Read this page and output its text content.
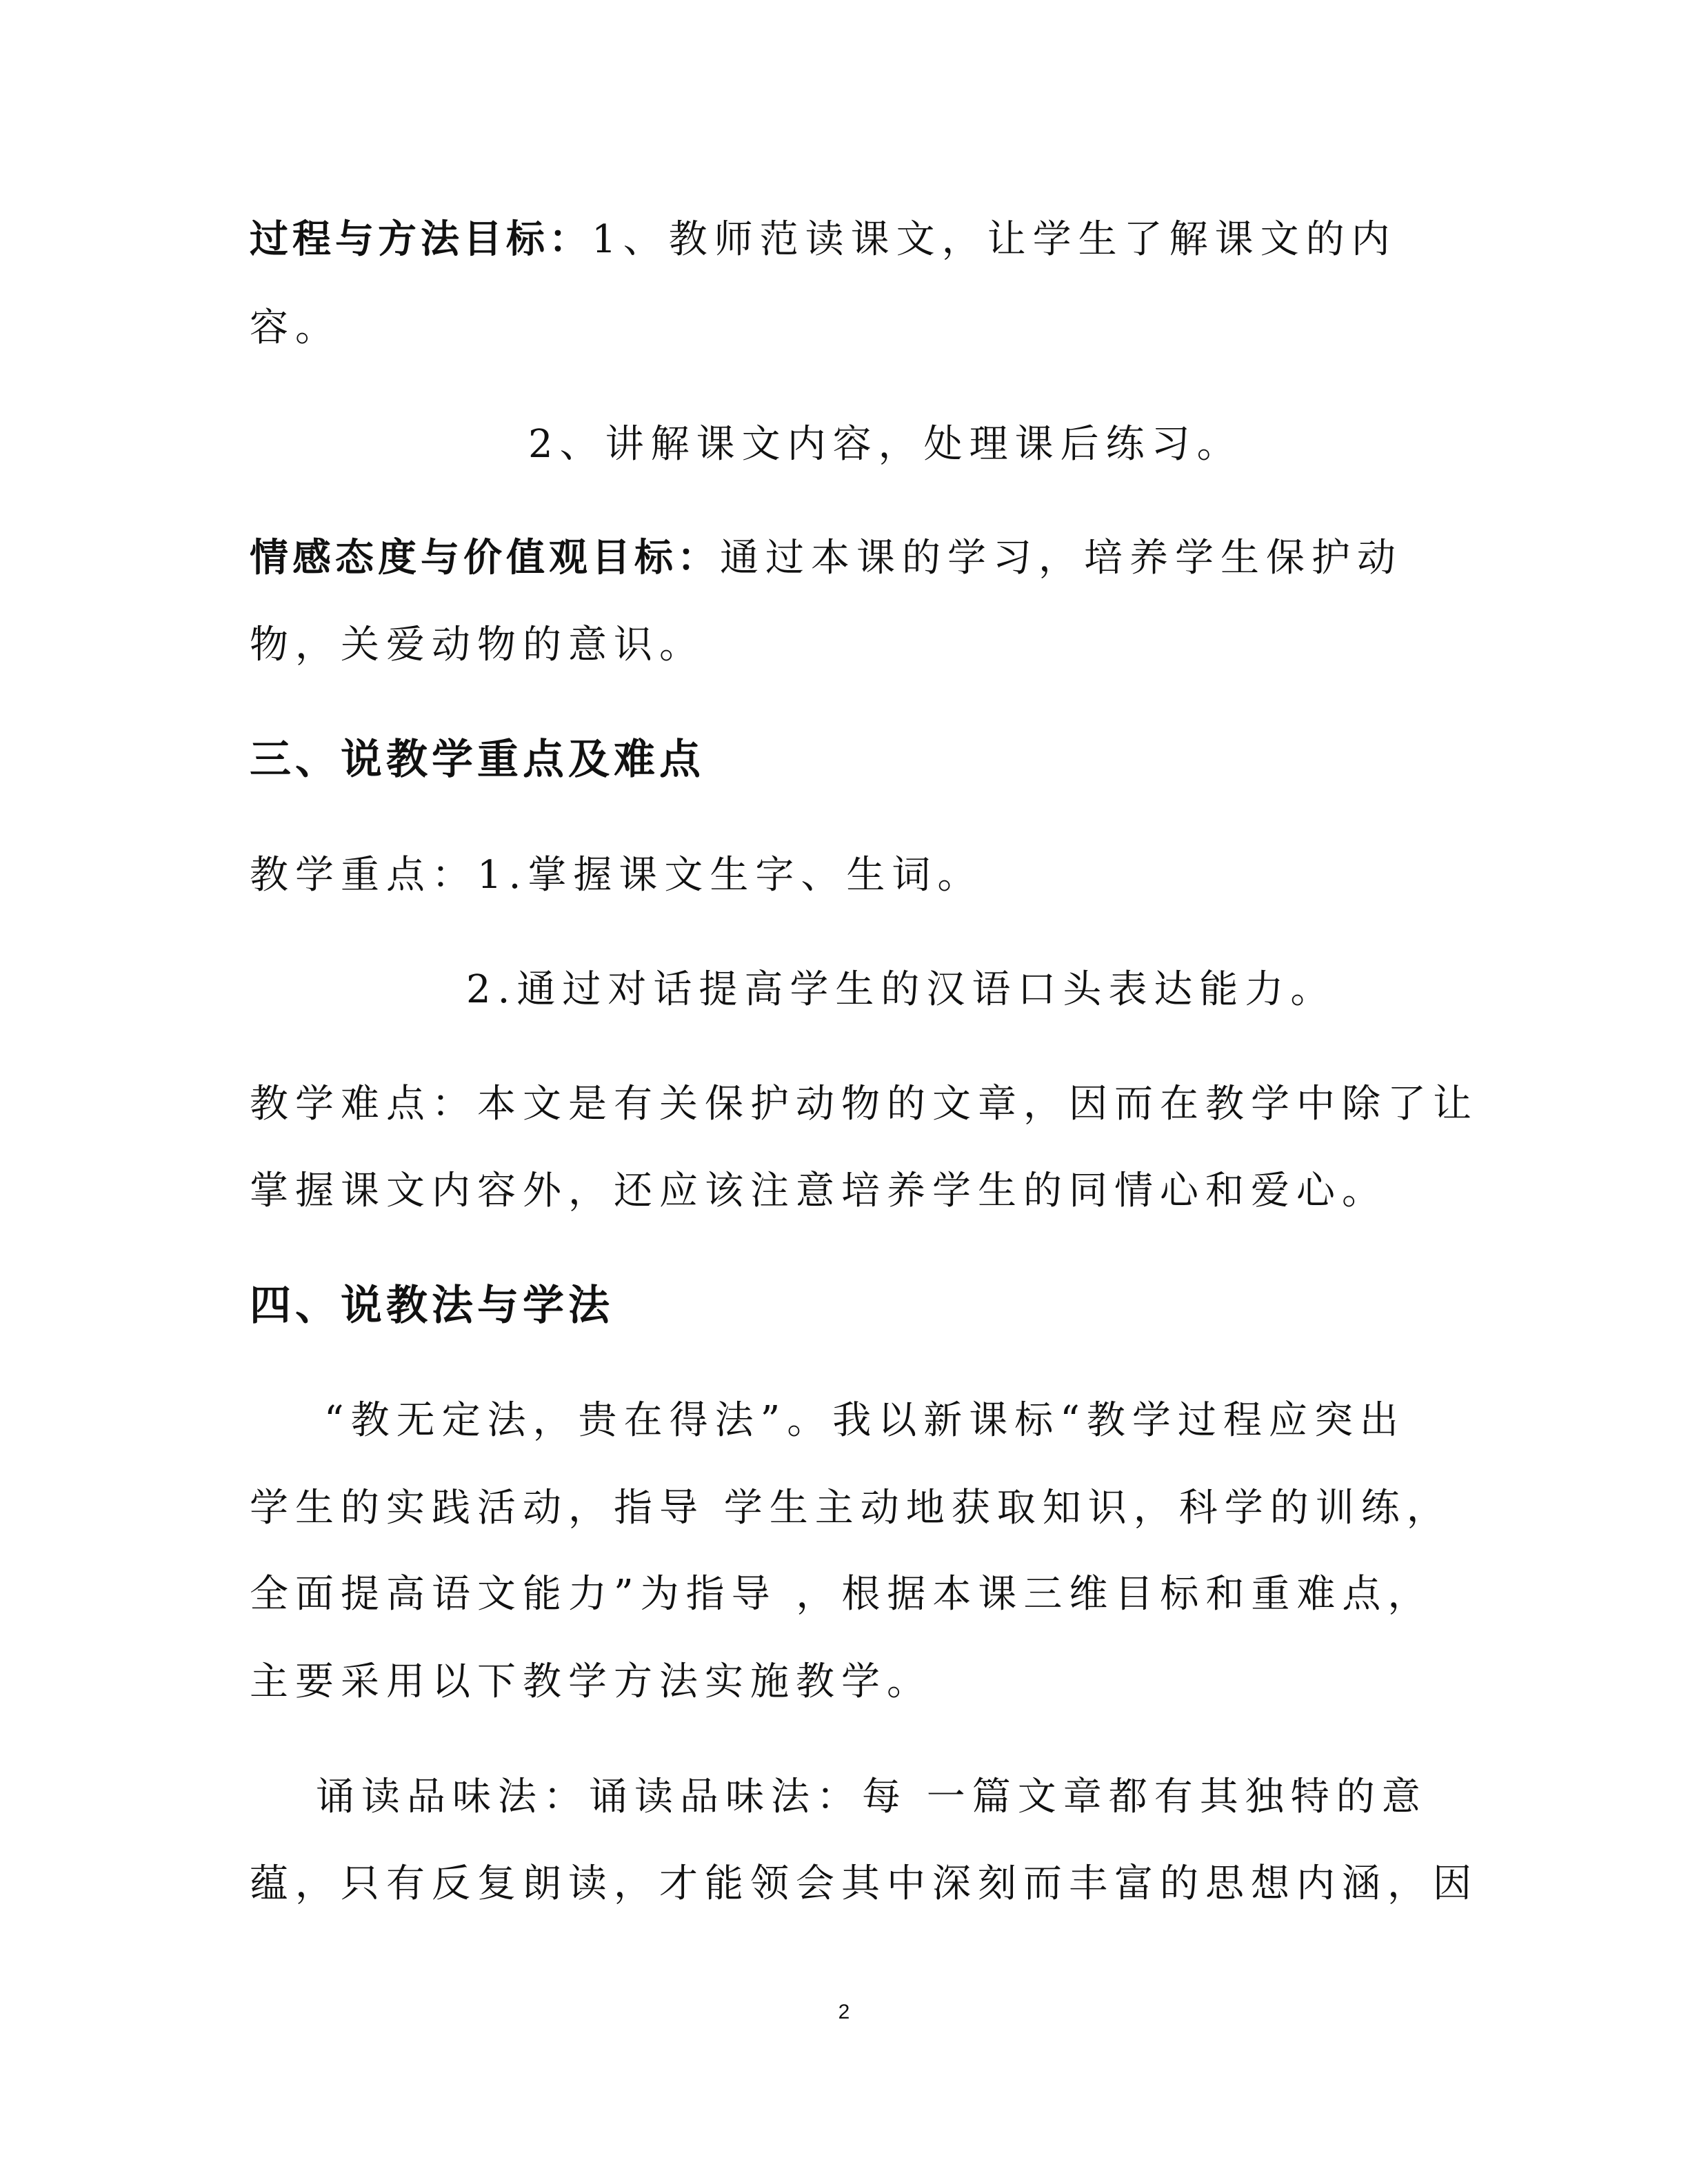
过程与方法目标：1、教师范读课文，让学生了解课文的内
容。
2、讲解课文内容，处理课后练习。
情感态度与价值观目标：通过本课的学习，培养学生保护动
物，关爱动物的意识。
三、说教学重点及难点
教学重点：1.掌握课文生字、生词。
2.通过对话提高学生的汉语口头表达能力。
教学难点：本文是有关保护动物的文章，因而在教学中除了让
掌握课文内容外，还应该注意培养学生的同情心和爱心。
四、说教法与学法
“教无定法，贵在得法”。我以新课标“教学过程应突出
学生的实践活动，指导 学生主动地获取知识，科学的训练，
全面提高语文能力”为指导 ，根据本课三维目标和重难点，
主要采用以下教学方法实施教学。
诵读品味法：诵读品味法：每 一篇文章都有其独特的意
蕴，只有反复朗读，才能领会其中深刻而丰富的思想内涵，因
2
